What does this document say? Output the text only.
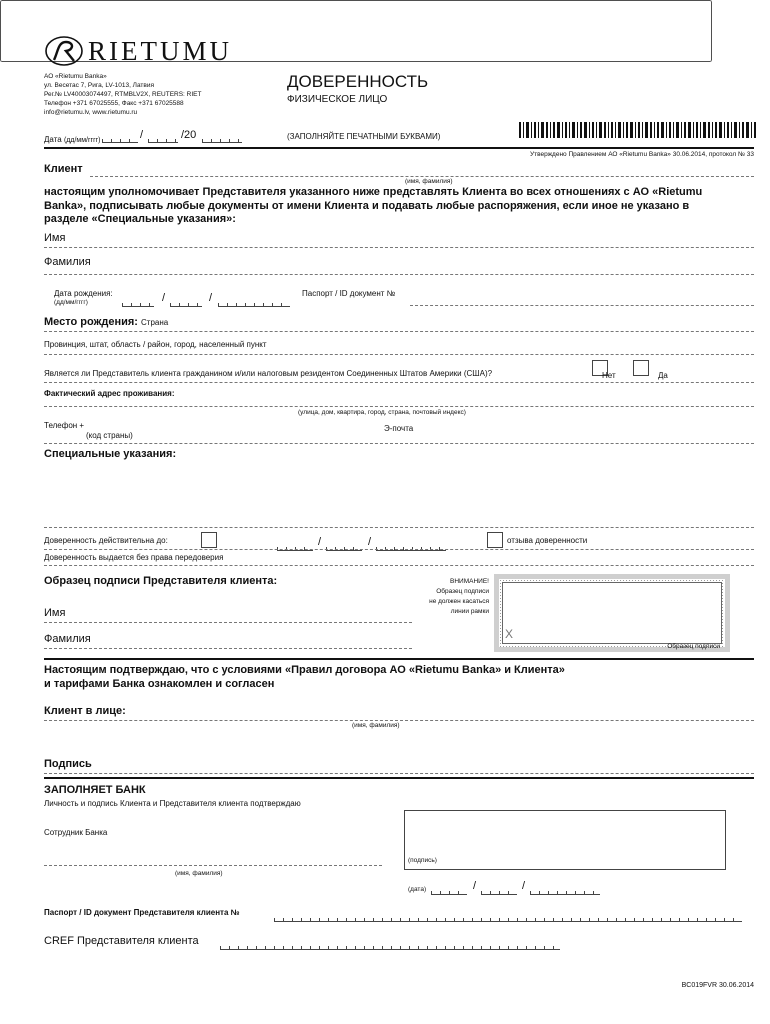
RIETUMU
АО «Rietumu Banka»
ул. Весетас 7, Рига, LV-1013, Латвия
Рег.№ LV40003074497, RTMBLV2X, REUTERS: RIET
Телефон +371 67025555, Факс +371 67025588
info@rietumu.lv, www.rietumu.ru
ДОВЕРЕННОСТЬ
ФИЗИЧЕСКОЕ ЛИЦО
Дата (дд/мм/гггг)	/	/20	(ЗАПОЛНЯЙТЕ ПЕЧАТНЫМИ БУКВАМИ)
Утверждено Правлением АО «Rietumu Banka» 30.06.2014, протокол № 33
Клиент
(имя, фамилия)
настоящим уполномочивает Представителя указанного ниже представлять Клиента во всех отношениях с АО «Rietumu Banka», подписывать любые документы от имени Клиента и подавать любые распоряжения, если иное не указано в разделе «Специальные указания»:
Имя
Фамилия
Дата рождения:
(дд/мм/гггг)	/	/	Паспорт / ID документ №
Место рождения: Страна
Провинция, штат, область / район, город, населенный пункт
Является ли Представитель клиента гражданином и/или налоговым резидентом Соединенных Штатов Америки (США)?	Нет	Да
Фактический адрес проживания:
(улица, дом, квартира, город, страна, почтовый индекс)
Телефон +
(код страны)
Э-почта
Специальные указания:
Доверенность действительна до:	/	/	отзыва доверенности
Доверенность выдается без права передоверия
Образец подписи Представителя клиента:	ВНИМАНИЕ!
Образец подписи
не должен касаться
линии рамки
X
Образец подписи
Имя
Фамилия
Настоящим подтверждаю, что с условиями «Правил договора АО «Rietumu Banka» и Клиента»
и тарифами Банка ознакомлен и согласен
Клиент в лице:
(имя, фамилия)
Подпись
ЗАПОЛНЯЕТ БАНК
Личность и подпись Клиента и Представителя клиента подтверждаю
Сотрудник Банка
(имя, фамилия)
(подпись)
(дата)	/	/
Паспорт / ID документ Представителя клиента №
CREF Представителя клиента
BC019FVR 30.06.2014
